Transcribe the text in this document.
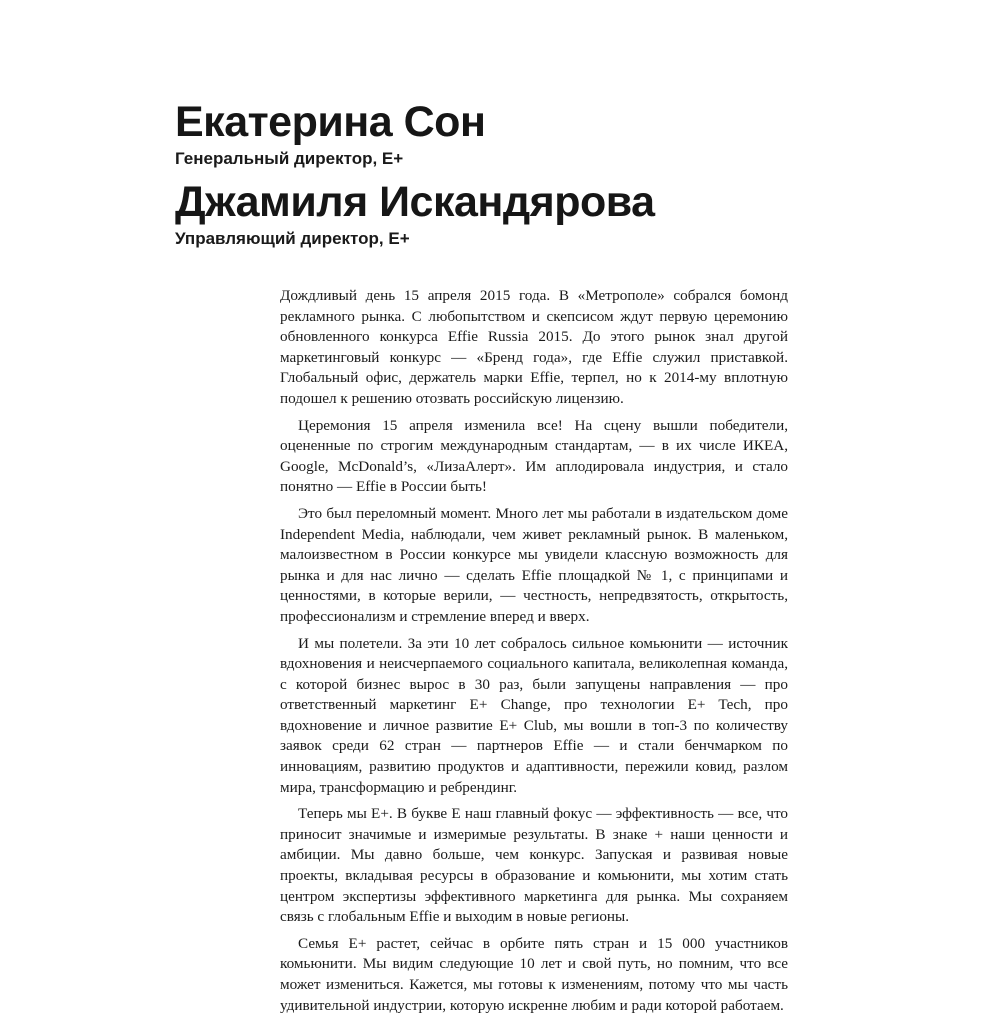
Екатерина Сон
Генеральный директор, E+
Джамиля Искандярова
Управляющий директор, E+

Дождливый день 15 апреля 2015 года. В «Метрополе» собрался бомонд рекламного рынка. С любопытством и скепсисом ждут первую церемонию обновленного конкурса Effie Russia 2015. До этого рынок знал другой маркетинговый конкурс — «Бренд года», где Effie служил приставкой. Глобальный офис, держатель марки Effie, терпел, но к 2014-му вплотную подошел к решению отозвать российскую лицензию.

Церемония 15 апреля изменила все! На сцену вышли победители, оцененные по строгим международным стандартам, — в их числе ИКЕА, Google, McDonald’s, «ЛизаАлерт». Им аплодировала индустрия, и стало понятно — Effie в России быть!

Это был переломный момент. Много лет мы работали в издательском доме Independent Media, наблюдали, чем живет рекламный рынок. В маленьком, малоизвестном в России конкурсе мы увидели классную возможность для рынка и для нас лично — сделать Effie площадкой № 1, с принципами и ценностями, в которые верили, — честность, непредвзятость, открытость, профессионализм и стремление вперед и вверх.

И мы полетели. За эти 10 лет собралось сильное комьюнити — источник вдохновения и неисчерпаемого социального капитала, великолепная команда, с которой бизнес вырос в 30 раз, были запущены направления — про ответственный маркетинг E+ Change, про технологии E+ Tech, про вдохновение и личное развитие E+ Club, мы вошли в топ-3 по количеству заявок среди 62 стран — партнеров Effie — и стали бенчмарком по инновациям, развитию продуктов и адаптивности, пережили ковид, разлом мира, трансформацию и ребрендинг.

Теперь мы E+. В букве E наш главный фокус — эффективность — все, что приносит значимые и измеримые результаты. В знаке + наши ценности и амбиции. Мы давно больше, чем конкурс. Запуская и развивая новые проекты, вкладывая ресурсы в образование и комьюнити, мы хотим стать центром экспертизы эффективного маркетинга для рынка. Мы сохраняем связь с глобальным Effie и выходим в новые регионы.

Семья E+ растет, сейчас в орбите пять стран и 15 000 участников комьюнити. Мы видим следующие 10 лет и свой путь, но помним, что все может измениться. Кажется, мы готовы к изменениям, потому что мы часть удивительной индустрии, которую искренне любим и ради которой работаем.
